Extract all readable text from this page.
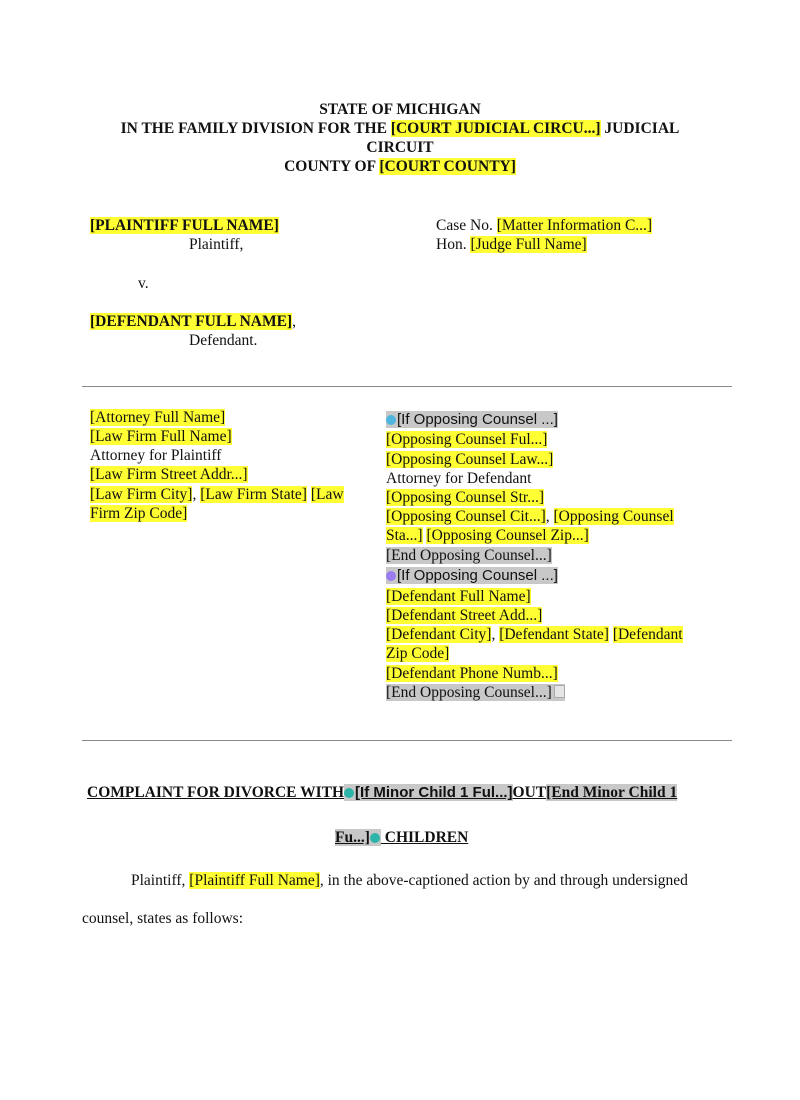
STATE OF MICHIGAN
IN THE FAMILY DIVISION FOR THE [COURT JUDICIAL CIRCU...] JUDICIAL
CIRCUIT
COUNTY OF [COURT COUNTY]
[PLAINTIFF FULL NAME]
Plaintiff,
v.
[DEFENDANT FULL NAME],
Defendant.
Case No. [Matter Information C...]
Hon. [Judge Full Name]
[Attorney Full Name]
[Law Firm Full Name]
Attorney for Plaintiff
[Law Firm Street Addr...]
[Law Firm City], [Law Firm State] [Law
Firm Zip Code]
[If Opposing Counsel ...]
[Opposing Counsel Ful...]
[Opposing Counsel Law...]
Attorney for Defendant
[Opposing Counsel Str...]
[Opposing Counsel Cit...], [Opposing Counsel
Sta...] [Opposing Counsel Zip...]
[End Opposing Counsel...]
[If Opposing Counsel ...]
[Defendant Full Name]
[Defendant Street Add...]
[Defendant City], [Defendant State] [Defendant
Zip Code]
[Defendant Phone Numb...]
[End Opposing Counsel...]
COMPLAINT FOR DIVORCE WITH [If Minor Child 1 Ful...]OUT[End Minor Child 1
Fu...] CHILDREN
Plaintiff, [Plaintiff Full Name], in the above-captioned action by and through undersigned
counsel, states as follows:
